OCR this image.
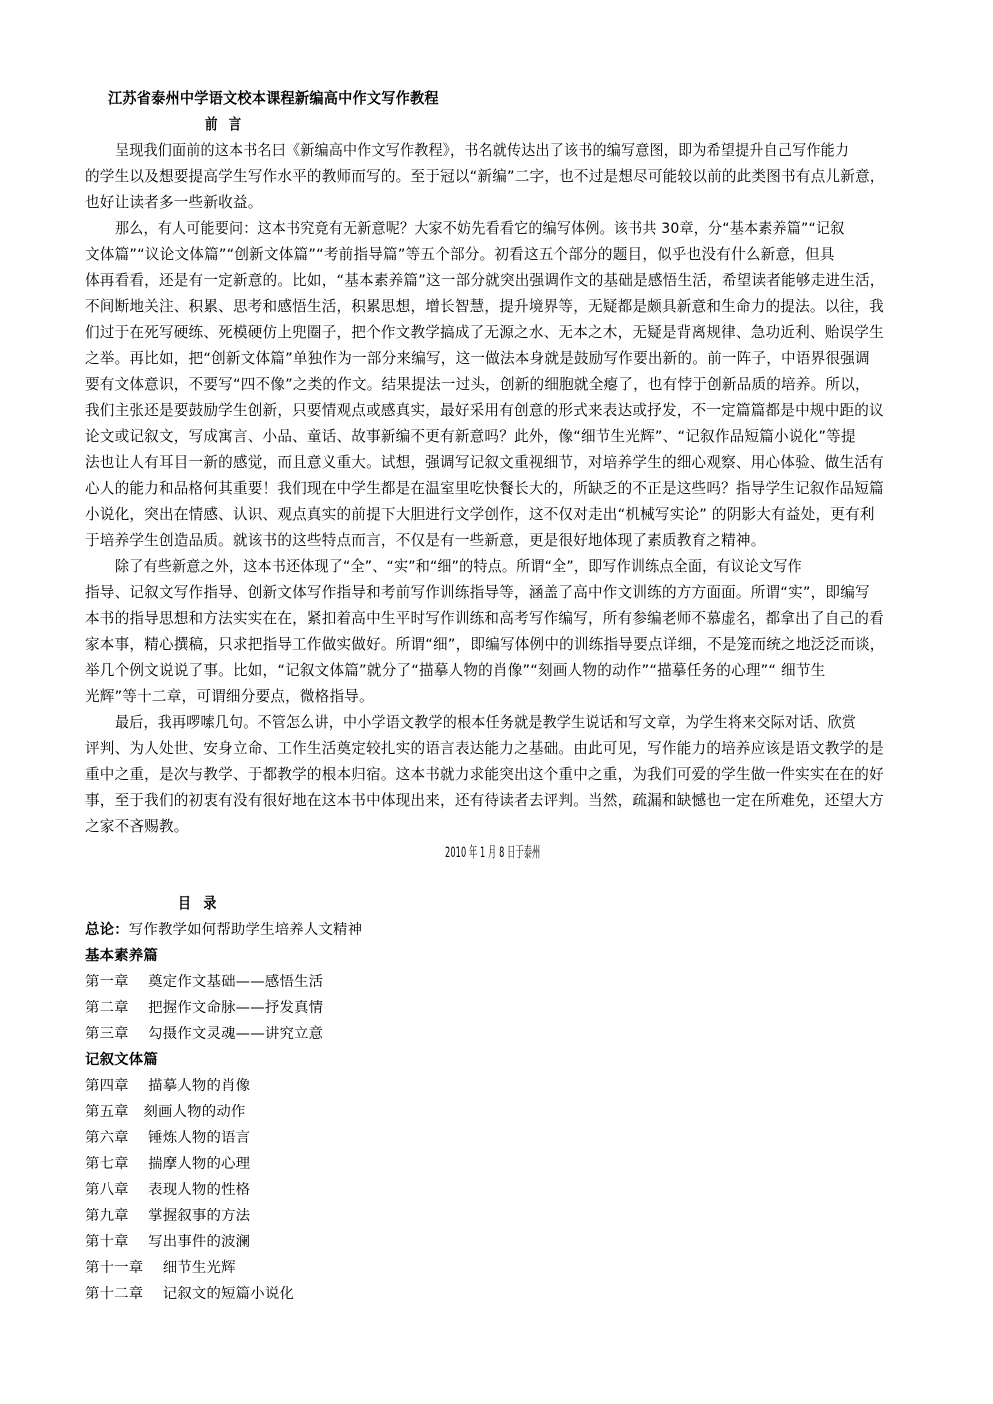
江苏省泰州中学语文校本课程新编高中作文写作教程
前 言
呈现我们面前的这本书名曰《新编高中作文写作教程》，书名就传达出了该书的编写意图，即为希望提升自己写作能力
的学生以及想要提高学生写作水平的教师而写的。至于冠以“新编”二字，也不过是想尽可能较以前的此类图书有点儿新意，
也好让读者多一些新收益。
那么，有人可能要问：这本书究竟有无新意呢？大家不妨先看看它的编写体例。该书共 30章，分“基本素养篇”“记叙
文体篇”“议论文体篇”“创新文体篇”“考前指导篇”等五个部分。初看这五个部分的题目，似乎也没有什么新意，但具
体再看看，还是有一定新意的。比如，“基本素养篇”这一部分就突出强调作文的基础是感悟生活，希望读者能够走进生活，
不间断地关注、积累、思考和感悟生活，积累思想，增长智慧，提升境界等，无疑都是颇具新意和生命力的提法。以往，我
们过于在死写硬练、死模硬仿上兜圈子，把个作文教学搞成了无源之水、无本之木，无疑是背离规律、急功近利、贻误学生
之举。再比如，把“创新文体篇”单独作为一部分来编写，这一做法本身就是鼓励写作要出新的。前一阵子，中语界很强调
要有文体意识，不要写“四不像”之类的作文。结果提法一过头，创新的细胞就全瘪了，也有悖于创新品质的培养。所以，
我们主张还是要鼓励学生创新，只要情观点或感真实，最好采用有创意的形式来表达或抒发，不一定篇篇都是中规中距的议
论文或记叙文，写成寓言、小品、童话、故事新编不更有新意吗？此外，像“细节生光辉”、“记叙作品短篇小说化”等提
法也让人有耳目一新的感觉，而且意义重大。试想，强调写记叙文重视细节，对培养学生的细心观察、用心体验、做生活有
心人的能力和品格何其重要！我们现在中学生都是在温室里吃快餐长大的，所缺乏的不正是这些吗？指导学生记叙作品短篇
小说化，突出在情感、认识、观点真实的前提下大胆进行文学创作，这不仅对走出“机械写实论” 的阴影大有益处，更有利
于培养学生创造品质。就该书的这些特点而言，不仅是有一些新意，更是很好地体现了素质教育之精神。
除了有些新意之外，这本书还体现了“全”、“实”和“细”的特点。所谓“全”，即写作训练点全面，有议论文写作
指导、记叙文写作指导、创新文体写作指导和考前写作训练指导等，涵盖了高中作文训练的方方面面。所谓“实”，即编写
本书的指导思想和方法实实在在，紧扣着高中生平时写作训练和高考写作编写，所有参编老师不慕虚名，都拿出了自己的看
家本事，精心撰稿，只求把指导工作做实做好。所谓“细”，即编写体例中的训练指导要点详细，不是笼而统之地泛泛而谈，
举几个例文说说了事。比如，“记叙文体篇”就分了“描摹人物的肖像”“刻画人物的动作”“描摹任务的心理”“ 细节生
光辉”等十二章，可谓细分要点，微格指导。
最后，我再啰嗦几句。不管怎么讲，中小学语文教学的根本任务就是教学生说话和写文章，为学生将来交际对话、欣赏
评判、为人处世、安身立命、工作生活奠定较扎实的语言表达能力之基础。由此可见，写作能力的培养应该是语文教学的是
重中之重，是次与教学、于都教学的根本归宿。这本书就力求能突出这个重中之重，为我们可爱的学生做一件实实在在的好
事，至于我们的初衷有没有很好地在这本书中体现出来，还有待读者去评判。当然，疏漏和缺憾也一定在所难免，还望大方
之家不吝赐教。
2010 年 1 月 8 日于泰州
目录
总论：写作教学如何帮助学生培养人文精神
基本素养篇
第一章　 奠定作文基础——感悟生活
第二章　 把握作文命脉——抒发真情
第三章　 勾摄作文灵魂——讲究立意
记叙文体篇
第四章　 描摹人物的肖像
第五章　刻画人物的动作
第六章　 锤炼人物的语言
第七章　 揣摩人物的心理
第八章　 表现人物的性格
第九章　 掌握叙事的方法
第十章　 写出事件的波澜
第十一章　 细节生光辉
第十二章　 记叙文的短篇小说化
